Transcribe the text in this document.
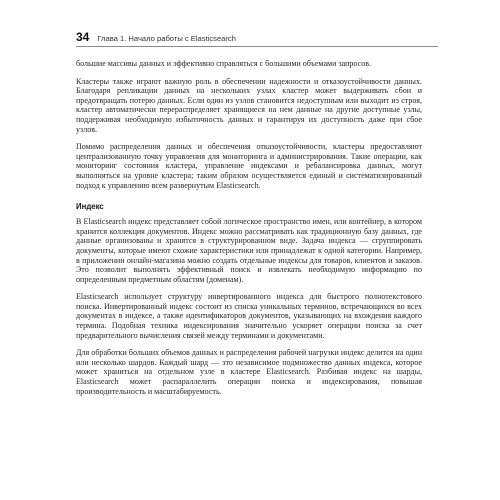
34 Глава 1. Начало работы с Elasticsearch

большие массивы данных и эффективно справляться с большими объемами запросов.

Кластеры также играют важную роль в обеспечении надежности и отказоустойчивости данных. Благодаря репликации данных на нескольких узлах кластер может выдерживать сбои и предотвращать потерю данных. Если один из узлов становится недоступным или выходит из строя, кластер автоматически перераспределяет хранящиеся на нем данные на другие доступные узлы, поддерживая необходимую избыточность данных и гарантируя их доступность даже при сбое узлов.

Помимо распределения данных и обеспечения отказоустойчивости, кластеры предоставляют централизованную точку управления для мониторинга и администрирования. Такие операции, как мониторинг состояния кластера, управление индексами и ребалансировка данных, могут выполняться на уровне кластера; таким образом осуществляется единый и систематизированный подход к управлению всем развернутым Elasticsearch.

Индекс

В Elasticsearch индекс представляет собой логическое пространство имен, или контейнер, в котором хранится коллекция документов. Индекс можно рассматривать как традиционную базу данных, где данные организованы и хранятся в структурированном виде. Задача индекса — сгруппировать документы, которые имеют схожие характеристики или принадлежат к одной категории. Например, в приложении онлайн-магазина можно создать отдельные индексы для товаров, клиентов и заказов. Это позволит выполнять эффективный поиск и извлекать необходимую информацию по определенным предметным областям (доменам).

Elasticsearch использует структуру инвертированного индекса для быстрого полнотекстового поиска. Инвертированный индекс состоит из списка уникальных терминов, встречающихся во всех документах в индексе, а также идентификаторов документов, указывающих на вхождения каждого термина. Подобная техника индексирования значительно ускоряет операции поиска за счет предварительного вычисления связей между терминами и документами.

Для обработки больших объемов данных и распределения рабочей нагрузки индекс делится на один или несколько шардов. Каждый шард — это независимое подмножество данных индекса, которое может храниться на отдельном узле в кластере Elasticsearch. Разбивая индекс на шарды, Elasticsearch может распараллелить операции поиска и индексирования, повышая производительность и масштабируемость.
